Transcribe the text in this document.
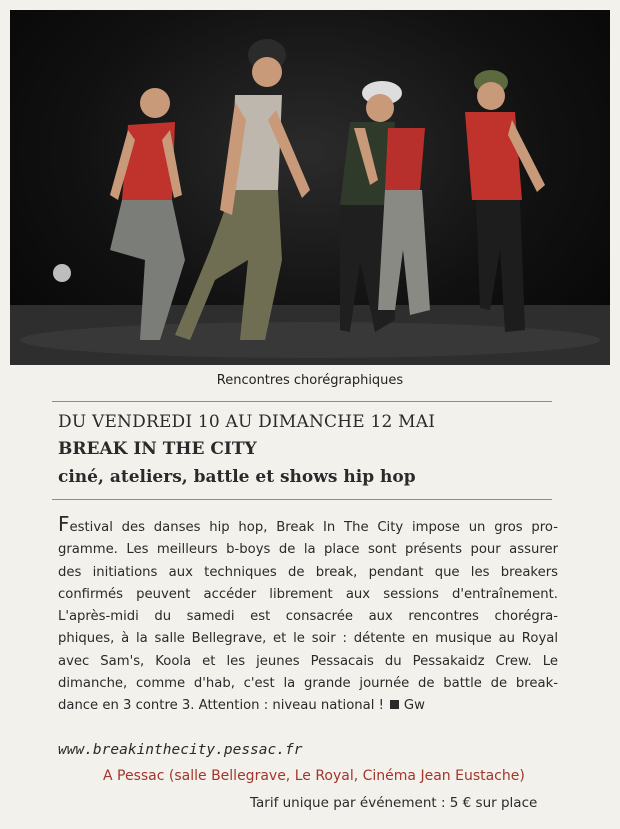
Rencontres chorégraphiques
DU VENDREDI 10 AU DIMANCHE 12 MAI
BREAK IN THE CITY
ciné, ateliers, battle et shows hip hop
Festival des danses hip hop, Break In The City impose un gros pro-
gramme. Les meilleurs b-boys de la place sont présents pour assurer
des initiations aux techniques de break, pendant que les breakers
confirmés peuvent accéder librement aux sessions d'entraînement.
L'après-midi du samedi est consacrée aux rencontres chorégra-
phiques, à la salle Bellegrave, et le soir : détente en musique au Royal
avec Sam's, Koola et les jeunes Pessacais du Pessakaidz Crew. Le
dimanche, comme d'hab, c'est la grande journée de battle de break-
dance en 3 contre 3. Attention : niveau national ! Gw
www.breakinthecity.pessac.fr
A Pessac (salle Bellegrave, Le Royal, Cinéma Jean Eustache)
Tarif unique par événement : 5 € sur place
